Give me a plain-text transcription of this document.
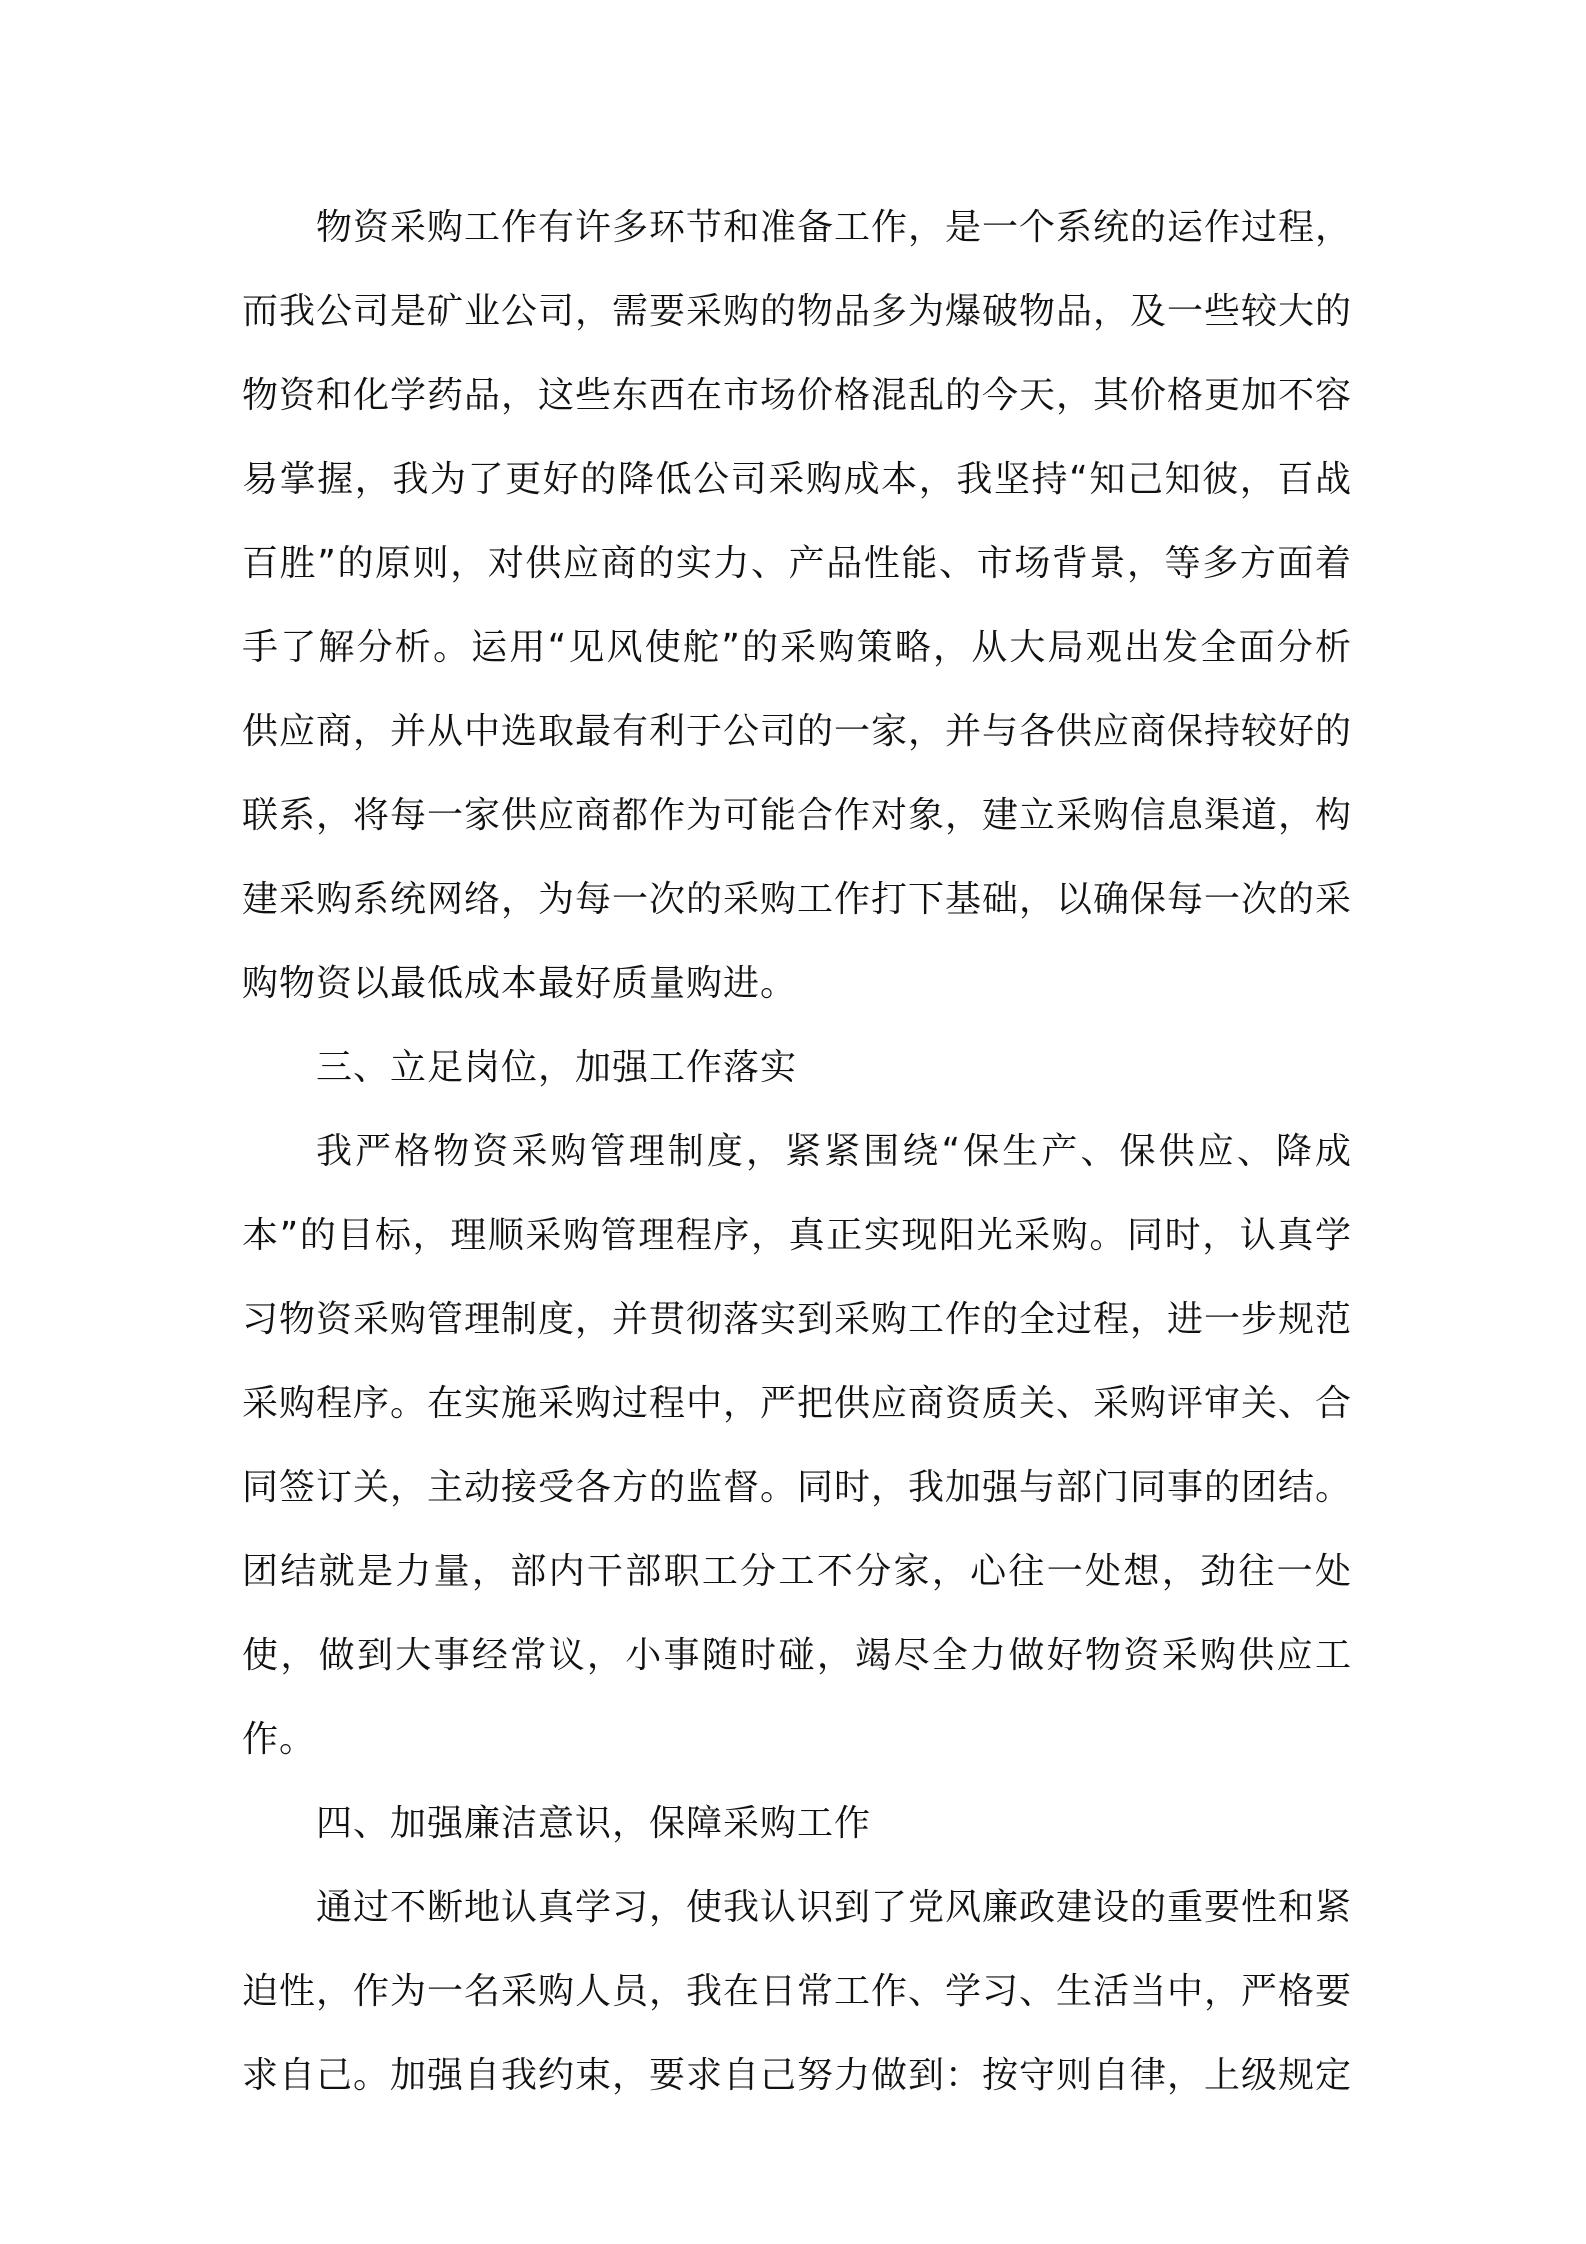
物资采购工作有许多环节和准备工作，是一个系统的运作过程，而我公司是矿业公司，需要采购的物品多为爆破物品，及一些较大的物资和化学药品，这些东西在市场价格混乱的今天，其价格更加不容易掌握，我为了更好的降低公司采购成本，我坚持“知己知彼，百战百胜”的原则，对供应商的实力、产品性能、市场背景，等多方面着手了解分析。运用“见风使舵”的采购策略，从大局观出发全面分析供应商，并从中选取最有利于公司的一家，并与各供应商保持较好的联系，将每一家供应商都作为可能合作对象，建立采购信息渠道，构建采购系统网络，为每一次的采购工作打下基础，以确保每一次的采购物资以最低成本最好质量购进。

三、立足岗位，加强工作落实

我严格物资采购管理制度，紧紧围绕“保生产、保供应、降成本”的目标，理顺采购管理程序，真正实现阳光采购。同时，认真学习物资采购管理制度，并贯彻落实到采购工作的全过程，进一步规范采购程序。在实施采购过程中，严把供应商资质关、采购评审关、合同签订关，主动接受各方的监督。同时，我加强与部门同事的团结。团结就是力量，部内干部职工分工不分家，心往一处想，劲往一处使，做到大事经常议，小事随时碰，竭尽全力做好物资采购供应工作。

四、加强廉洁意识，保障采购工作

通过不断地认真学习，使我认识到了党风廉政建设的重要性和紧迫性，作为一名采购人员，我在日常工作、学习、生活当中，严格要求自己。加强自我约束，要求自己努力做到：按守则自律，上级规定
